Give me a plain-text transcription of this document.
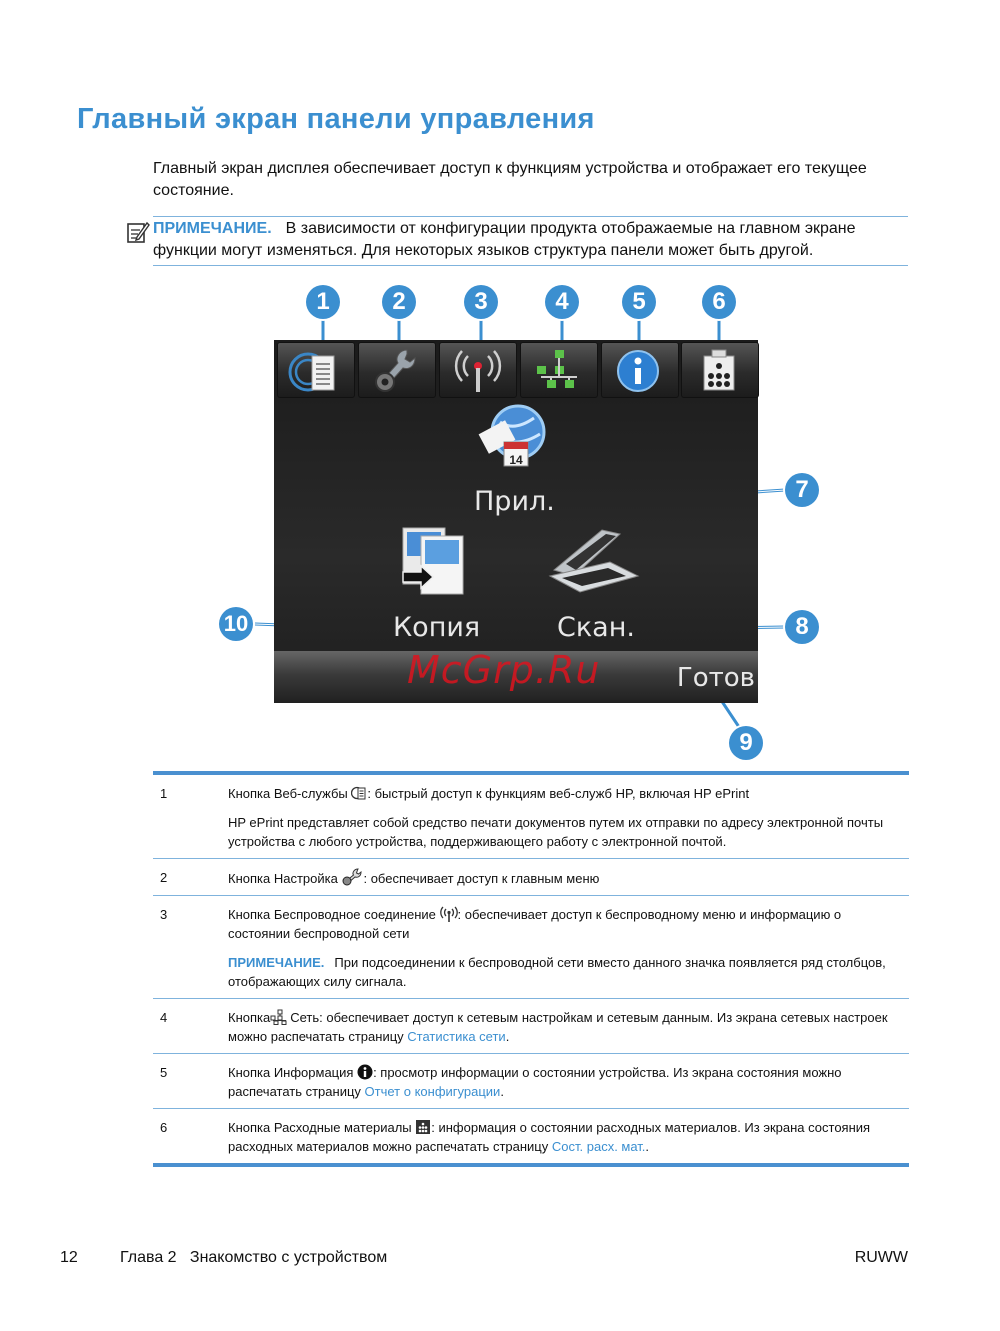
Главный экран панели управления
Главный экран дисплея обеспечивает доступ к функциям устройства и отображает его текущее состояние.
ПРИМЕЧАНИЕ. В зависимости от конфигурации продукта отображаемые на главном экране функции могут изменяться. Для некоторых языков структура панели может быть другой.
14
Прил.
Копия	Скан.
Готов
McGrp.Ru
1	2	3	4	5	6
7
8
9
10
1	Кнопка Веб-службы : быстрый доступ к функциям веб-служб HP, включая HP ePrint

HP ePrint представляет собой средство печати документов путем их отправки по адресу электронной почты устройства с любого устройства, поддерживающего работу с электронной почтой.

2	Кнопка Настройка : обеспечивает доступ к главным меню

3	Кнопка Беспроводное соединение : обеспечивает доступ к беспроводному меню и информацию о состоянии беспроводной сети

ПРИМЕЧАНИЕ. При подсоединении к беспроводной сети вместо данного значка появляется ряд столбцов, отображающих силу сигнала.

4	Кнопка Сеть: обеспечивает доступ к сетевым настройкам и сетевым данным. Из экрана сетевых настроек можно распечатать страницу Статистика сети.

5	Кнопка Информация : просмотр информации о состоянии устройства. Из экрана состояния можно распечатать страницу Отчет о конфигурации.

6	Кнопка Расходные материалы : информация о состоянии расходных материалов. Из экрана состояния расходных материалов можно распечатать страницу Сост. расх. мат..

12	Глава 2   Знакомство с устройством	RUWW
